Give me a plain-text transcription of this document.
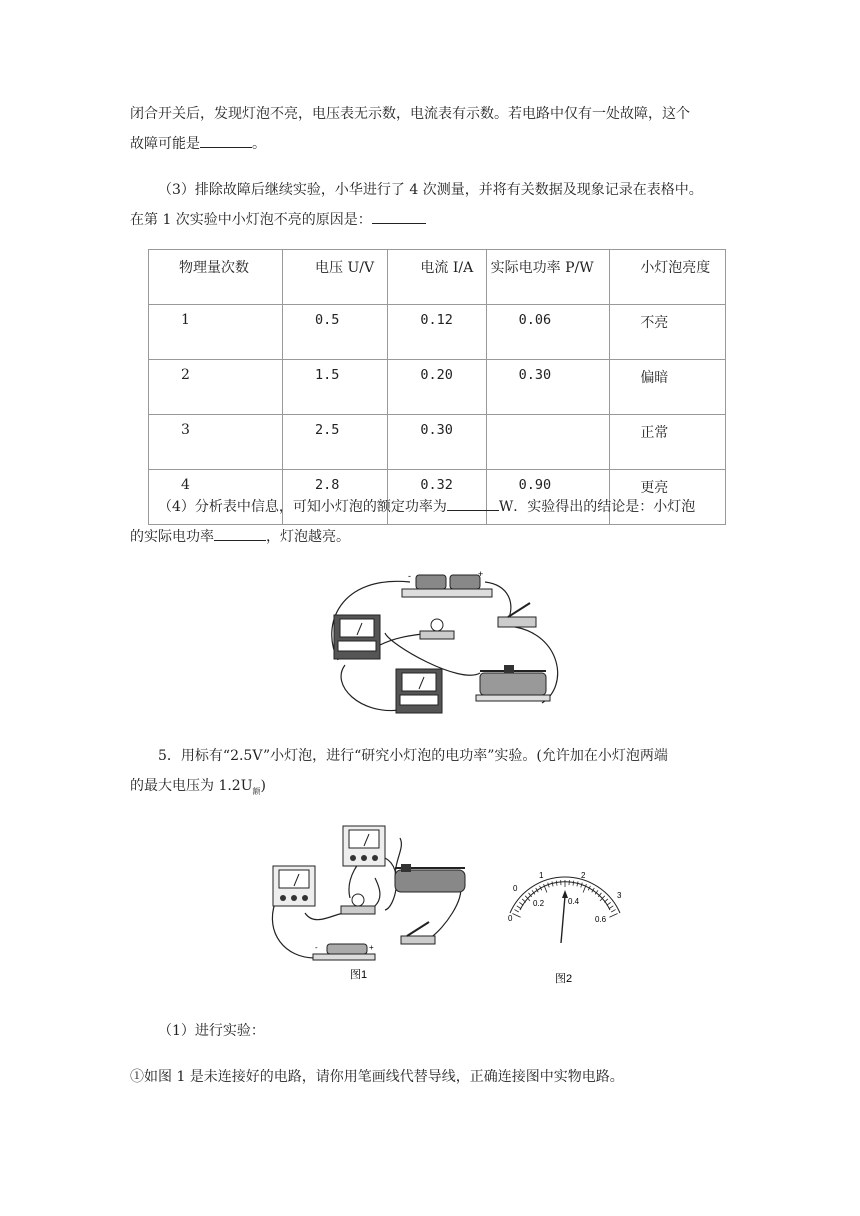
闭合开关后，发现灯泡不亮，电压表无示数，电流表有示数。若电路中仅有一处故障，这个
故障可能是	。
（3）排除故障后继续实验，小华进行了 4 次测量，并将有关数据及现象记录在表格中。
在第 1 次实验中小灯泡不亮的原因是：
物理量次数	电压 U/V	电流 I/A	实际电功率 P/W	小灯泡亮度
1	0.5	0.12	0.06	不亮
2	1.5	0.20	0.30	偏暗
3	2.5	0.30		正常
4	2.8	0.32	0.90	更亮
（4）分析表中信息，可知小灯泡的额定功率为	W．实验得出的结论是：小灯泡
的实际电功率	，灯泡越亮。
-	+
5．用标有“2.5V”小灯泡，进行“研究小灯泡的电功率”实验。(允许加在小灯泡两端
的最大电压为 $1.2U_额$)
-	+
图1
0
0.2	0.4
0.6
0
1	2
3
图2
（1）进行实验：
①如图 1 是未连接好的电路，请你用笔画线代替导线，正确连接图中实物电路。
